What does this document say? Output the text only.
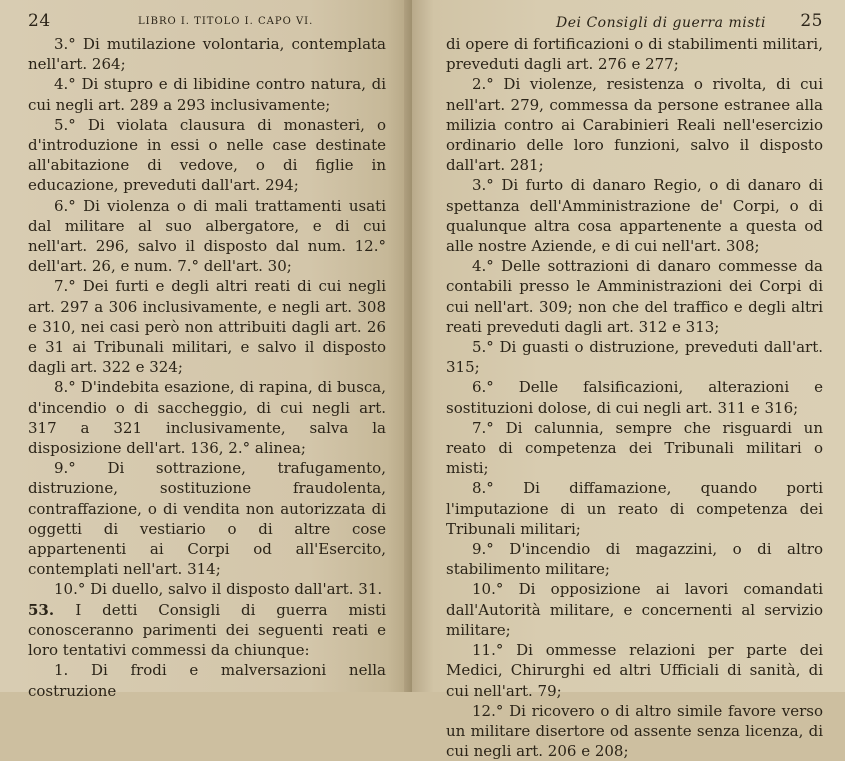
24	LIBRO I. TITOLO I. CAPO VI.

3.° Di mutilazione volontaria, contemplata nell'art. 264;

4.° Di stupro e di libidine contro natura, di cui negli art. 289 a 293 inclusivamente;

5.° Di violata clausura di monasteri, o d'introduzione in essi o nelle case destinate all'abitazione di vedove, o di figlie in educazione, preveduti dall'art. 294;

6.° Di violenza o di mali trattamenti usati dal militare al suo albergatore, e di cui nell'art. 296, salvo il disposto dal num. 12.° dell'art. 26, e num. 7.° dell'art. 30;

7.° Dei furti e degli altri reati di cui negli art. 297 a 306 inclusivamente, e negli art. 308 e 310, nei casi però non attribuiti dagli art. 26 e 31 ai Tribunali militari, e salvo il disposto dagli art. 322 e 324;

8.° D'indebita esazione, di rapina, di busca, d'incendio o di saccheggio, di cui negli art. 317 a 321 inclusivamente, salva la disposizione dell'art. 136, 2.° alinea;

9.° Di sottrazione, trafugamento, distruzione, sostituzione fraudolenta, contraffazione, o di vendita non autorizzata di oggetti di vestiario o di altre cose appartenenti ai Corpi od all'Esercito, contemplati nell'art. 314;

10.° Di duello, salvo il disposto dall'art. 31.

53. I detti Consigli di guerra misti conosceranno parimenti dei seguenti reati e loro tentativi commessi da chiunque:

1. Di frodi e malversazioni nella costruzione

Dei Consigli di guerra misti 25

di opere di fortificazioni o di stabilimenti militari, preveduti dagli art. 276 e 277;

2.° Di violenze, resistenza o rivolta, di cui nell'art. 279, commessa da persone estranee alla milizia contro ai Carabinieri Reali nell'esercizio ordinario delle loro funzioni, salvo il disposto dall'art. 281;

3.° Di furto di danaro Regio, o di danaro di spettanza dell'Amministrazione de' Corpi, o di qualunque altra cosa appartenente a questa od alle nostre Aziende, e di cui nell'art. 308;

4.° Delle sottrazioni di danaro commesse da contabili presso le Amministrazioni dei Corpi di cui nell'art. 309; non che del traffico e degli altri reati preveduti dagli art. 312 e 313;

5.° Di guasti o distruzione, preveduti dall'art. 315;

6.° Delle falsificazioni, alterazioni e sostituzioni dolose, di cui negli art. 311 e 316;

7.° Di calunnia, sempre che risguardi un reato di competenza dei Tribunali militari o misti;

8.° Di diffamazione, quando porti l'imputazione di un reato di competenza dei Tribunali militari;

9.° D'incendio di magazzini, o di altro stabilimento militare;

10.° Di opposizione ai lavori comandati dall'Autorità militare, e concernenti al servizio militare;

11.° Di ommesse relazioni per parte dei Medici, Chirurghi ed altri Ufficiali di sanità, di cui nell'art. 79;

12.° Di ricovero o di altro simile favore verso un militare disertore od assente senza licenza, di cui negli art. 206 e 208;
